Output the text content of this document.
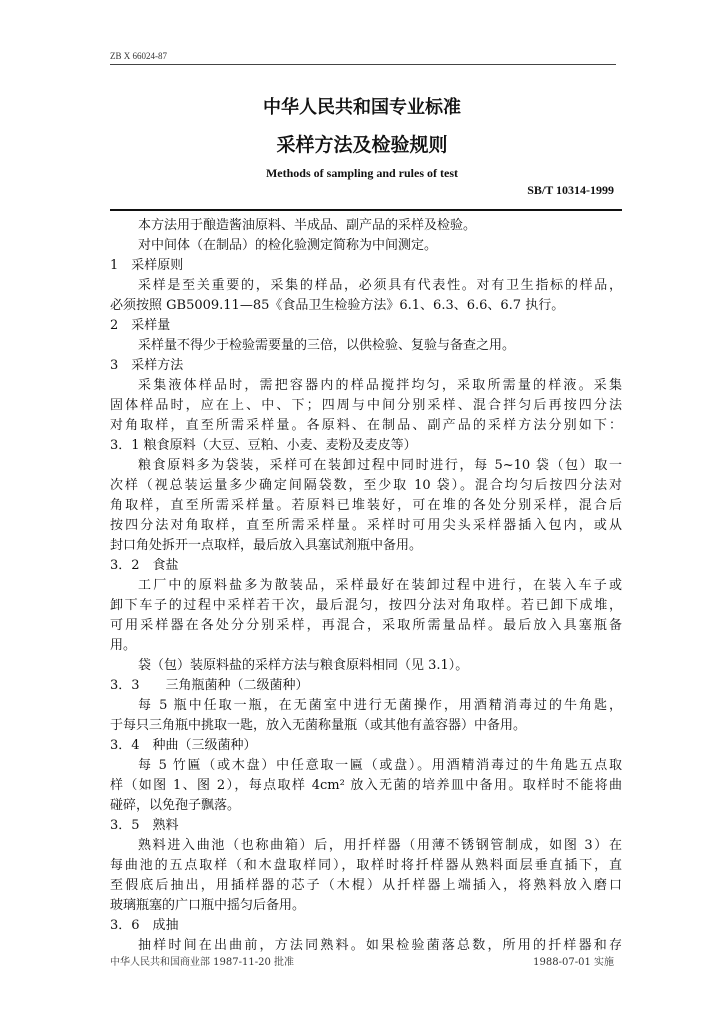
ZB X 66024-87
中华人民共和国专业标准
采样方法及检验规则
Methods of sampling and rules of test
SB/T 10314-1999
本方法用于酿造酱油原料、半成品、副产品的采样及检验。
对中间体（在制品）的检化验测定简称为中间测定。
1　采样原则
采样是至关重要的，采集的样品，必须具有代表性。对有卫生指标的样品，
必须按照 GB5009.11—85《食品卫生检验方法》6.1、6.3、6.6、6.7 执行。
2　采样量
采样量不得少于检验需要量的三倍，以供检验、复验与备查之用。
3　采样方法
采集液体样品时，需把容器内的样品搅拌均匀，采取所需量的样液。采集
固体样品时，应在上、中、下；四周与中间分别采样、混合拌匀后再按四分法
对角取样，直至所需采样量。各原料、在制品、副产品的采样方法分别如下：
3．1 粮食原料（大豆、豆粕、小麦、麦粉及麦皮等）
粮食原料多为袋装，采样可在装卸过程中同时进行，每 5~10 袋（包）取一
次样（视总装运量多少确定间隔袋数，至少取 10 袋）。混合均匀后按四分法对
角取样，直至所需采样量。若原料已堆装好，可在堆的各处分别采样，混合后
按四分法对角取样，直至所需采样量。采样时可用尖头采样器插入包内，或从
封口角处拆开一点取样，最后放入具塞试剂瓶中备用。
3．2　食盐
工厂中的原料盐多为散装品，采样最好在装卸过程中进行，在装入车子或
卸下车子的过程中采样若干次，最后混匀，按四分法对角取样。若已卸下成堆，
可用采样器在各处分分别采样，再混合，采取所需量品样。最后放入具塞瓶备
用。
袋（包）装原料盐的采样方法与粮食原料相同（见 3.1）。
3．3　　三角瓶菌种（二级菌种）
每 5 瓶中任取一瓶，在无菌室中进行无菌操作，用酒精消毒过的牛角匙，
于每只三角瓶中挑取一匙，放入无菌称量瓶（或其他有盖容器）中备用。
3．4　种曲（三级菌种）
每 5 竹匾（或木盘）中任意取一匾（或盘）。用酒精消毒过的牛角匙五点取
样（如图 1、图 2），每点取样 4cm² 放入无菌的培养皿中备用。取样时不能将曲
碰碎，以免孢子飘落。
3．5　熟料
熟料进入曲池（也称曲箱）后，用扦样器（用薄不锈钢管制成，如图 3）在
每曲池的五点取样（和木盘取样同），取样时将扦样器从熟料面层垂直插下，直
至假底后抽出，用插样器的芯子（木棍）从扦样器上端插入，将熟料放入磨口
玻璃瓶塞的广口瓶中摇匀后备用。
3．6　成抽
抽样时间在出曲前，方法同熟料。如果检验菌落总数，所用的扦样器和存
中华人民共和国商业部 1987-11-20 批准	1988-07-01 实施
